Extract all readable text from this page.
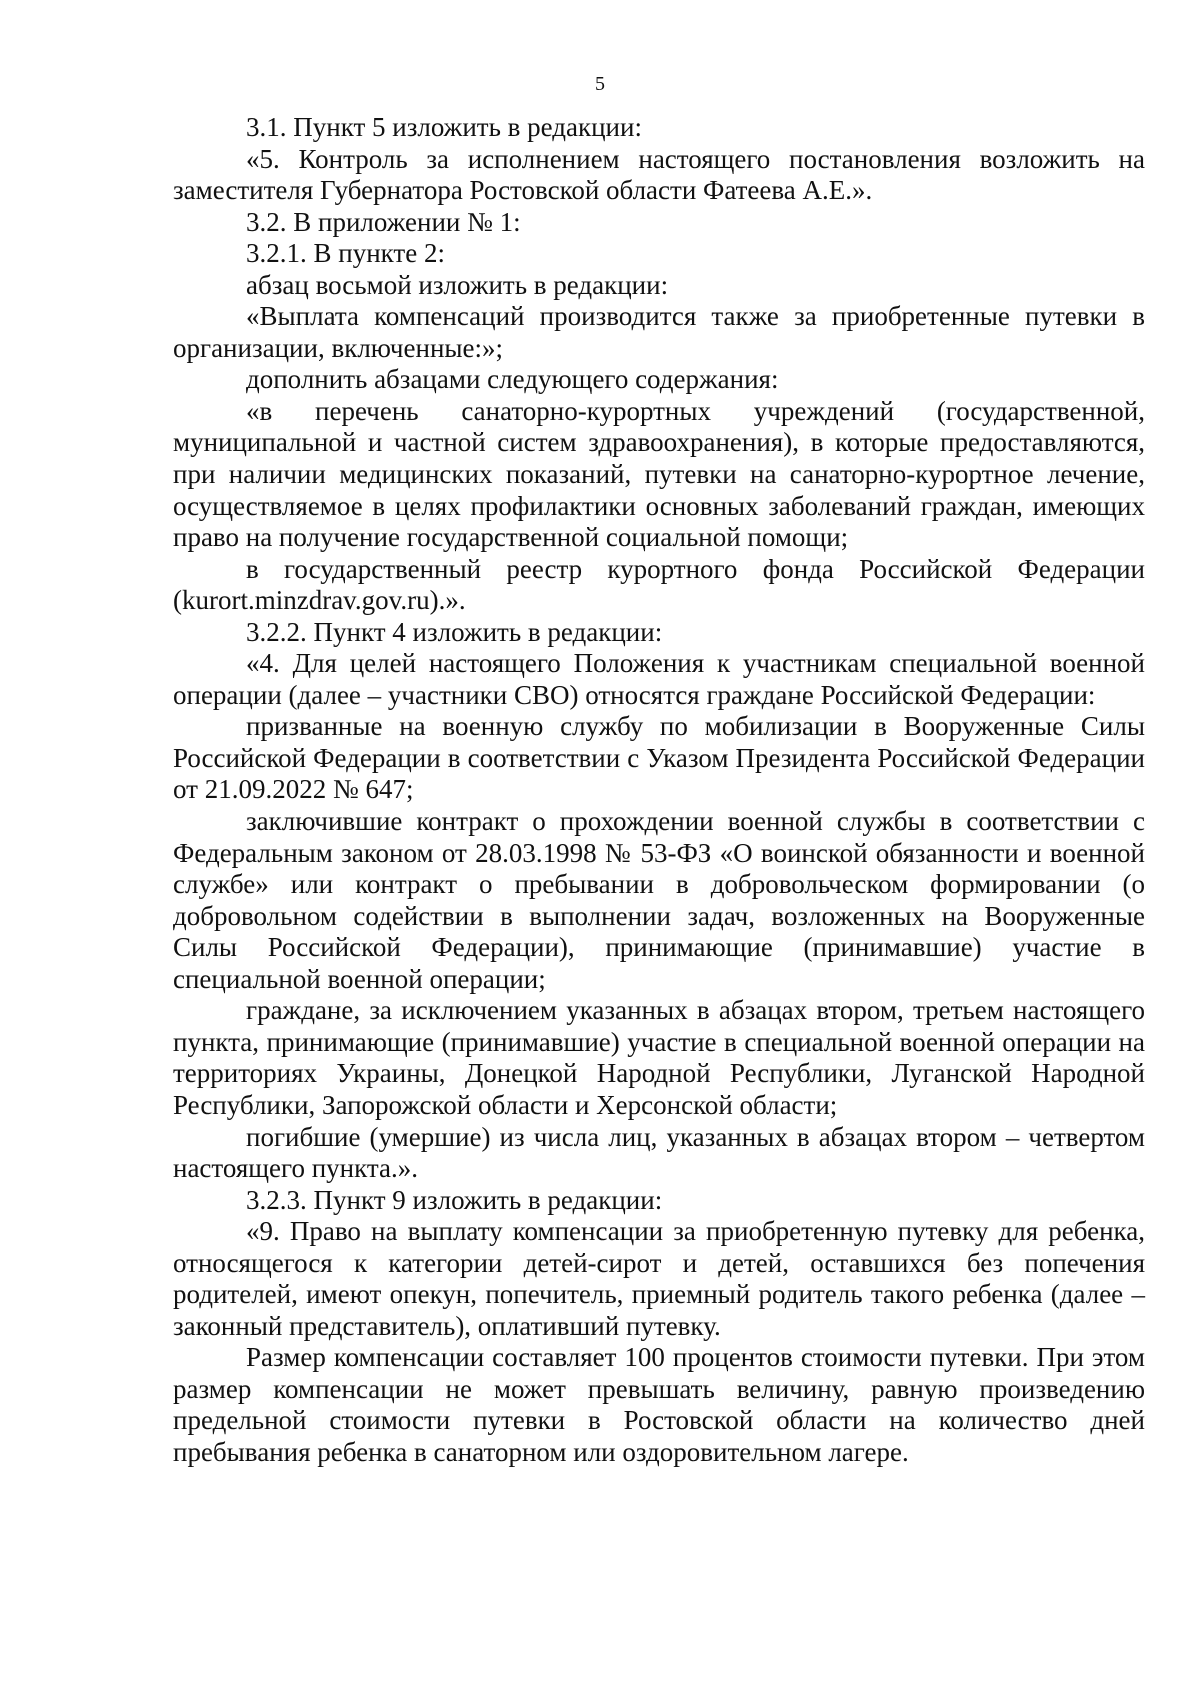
5

3.1. Пункт 5 изложить в редакции:

«5. Контроль за исполнением настоящего постановления возложить на заместителя Губернатора Ростовской области Фатеева А.Е.».

3.2. В приложении № 1:

3.2.1. В пункте 2:

абзац восьмой изложить в редакции:

«Выплата компенсаций производится также за приобретенные путевки в организации, включенные:»;

дополнить абзацами следующего содержания:

«в перечень санаторно-курортных учреждений (государственной, муниципальной и частной систем здравоохранения), в которые предоставляются, при наличии медицинских показаний, путевки на санаторно-курортное лечение, осуществляемое в целях профилактики основных заболеваний граждан, имеющих право на получение государственной социальной помощи;

в государственный реестр курортного фонда Российской Федерации (kurort.minzdrav.gov.ru).».

3.2.2. Пункт 4 изложить в редакции:

«4. Для целей настоящего Положения к участникам специальной военной операции (далее – участники СВО) относятся граждане Российской Федерации:

призванные на военную службу по мобилизации в Вооруженные Силы Российской Федерации в соответствии с Указом Президента Российской Федерации от 21.09.2022 № 647;

заключившие контракт о прохождении военной службы в соответствии с Федеральным законом от 28.03.1998 № 53-ФЗ «О воинской обязанности и военной службе» или контракт о пребывании в добровольческом формировании (о добровольном содействии в выполнении задач, возложенных на Вооруженные Силы Российской Федерации), принимающие (принимавшие) участие в специальной военной операции;

граждане, за исключением указанных в абзацах втором, третьем настоящего пункта, принимающие (принимавшие) участие в специальной военной операции на территориях Украины, Донецкой Народной Республики, Луганской Народной Республики, Запорожской области и Херсонской области;

погибшие (умершие) из числа лиц, указанных в абзацах втором – четвертом настоящего пункта.».

3.2.3. Пункт 9 изложить в редакции:

«9. Право на выплату компенсации за приобретенную путевку для ребенка, относящегося к категории детей-сирот и детей, оставшихся без попечения родителей, имеют опекун, попечитель, приемный родитель такого ребенка (далее – законный представитель), оплативший путевку.

Размер компенсации составляет 100 процентов стоимости путевки. При этом размер компенсации не может превышать величину, равную произведению предельной стоимости путевки в Ростовской области на количество дней пребывания ребенка в санаторном или оздоровительном лагере.
